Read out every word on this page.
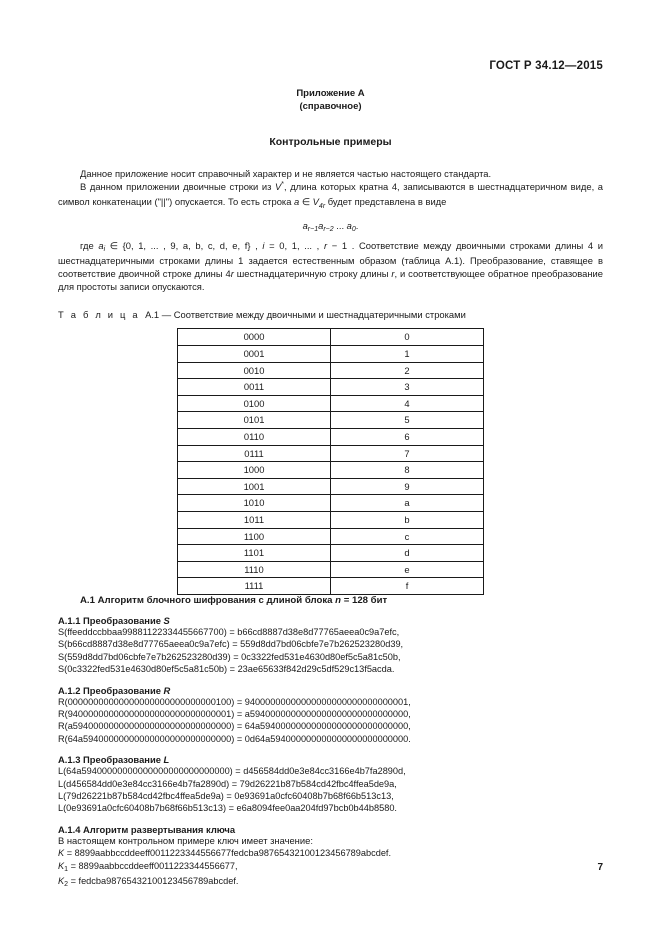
ГОСТ Р 34.12—2015
Приложение А
(справочное)
Контрольные примеры

Данное приложение носит справочный характер и не является частью настоящего стандарта.

В данном приложении двоичные строки из V*, длина которых кратна 4, записываются в шестнадцатеричном виде, а символ конкатенации ("||") опускается. То есть строка a ∈ $V_{4r}$ будет представлена в виде

$a_{r-1}a_{r-2}$ ... $a_0$.

где $a_i$ ∈ {0, 1, ... , 9, a, b, c, d, e, f} , i = 0, 1, ... , r − 1 . Соответствие между двоичными строками длины 4 и шестнадцатеричными строками длины 1 задается естественным образом (таблица А.1). Преобразование, ставящее в соответствие двоичной строке длины 4r шестнадцатеричную строку длины r, и соответствующее обратное преобразование для простоты записи опускаются.

Т а б л и ц а А.1 — Соответствие между двоичными и шестнадцатеричными строками
0000	0
0001	1
0010	2
0011	3
0100	4
0101	5
0110	6
0111	7
1000	8
1001	9
1010	a
1011	b
1100	c
1101	d
1110	e
1111	f
А.1 Алгоритм блочного шифрования с длиной блока n = 128 бит
А.1.1 Преобразование S
S(ffeeddccbbaa99881122334455667700) = b66cd8887d38e8d77765aeea0c9a7efc,
S(b66cd8887d38e8d77765aeea0c9a7efc) = 559d8dd7bd06cbfe7e7b262523280d39,
S(559d8dd7bd06cbfe7e7b262523280d39) = 0c3322fed531e4630d80ef5c5a81c50b,
S(0c3322fed531e4630d80ef5c5a81c50b) = 23ae65633f842d29c5df529c13f5acda.
А.1.2 Преобразование R
R(00000000000000000000000000000100) = 94000000000000000000000000000001,
R(94000000000000000000000000000001) = a5940000000000000000000000000000,
R(a5940000000000000000000000000000) = 64a59400000000000000000000000000,
R(64a59400000000000000000000000000) = 0d64a594000000000000000000000000.
А.1.3 Преобразование L
L(64a59400000000000000000000000000) = d456584dd0e3e84cc3166e4b7fa2890d,
L(d456584dd0e3e84cc3166e4b7fa2890d) = 79d26221b87b584cd42fbc4ffea5de9a,
L(79d26221b87b584cd42fbc4ffea5de9a) = 0e93691a0cfc60408b7b68f66b513c13,
L(0e93691a0cfc60408b7b68f66b513c13) = e6a8094fee0aa204fd97bcb0b44b8580.
А.1.4 Алгоритм развертывания ключа
В настоящем контрольном примере ключ имеет значение:
K = 8899aabbccddeeff0011223344556677fedcba98765432100123456789abcdef.
$K_1$ = 8899aabbccddeeff0011223344556677,
$K_2$ = fedcba98765432100123456789abcdef.
7
